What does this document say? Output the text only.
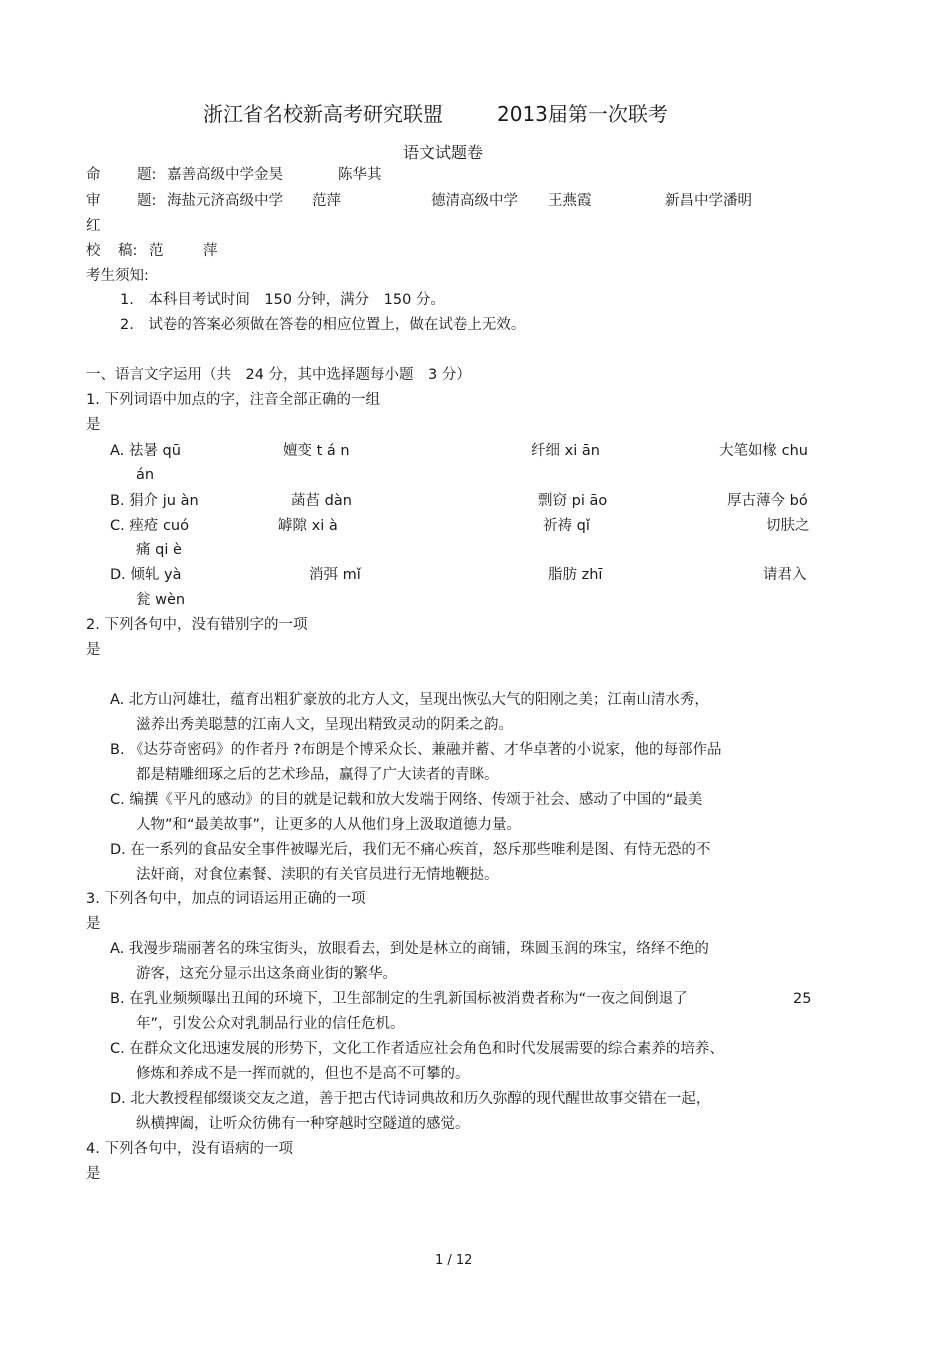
浙江省名校新高考研究联盟	2013届第一次联考
语文试题卷
命	题: 嘉善高级中学金昊	陈华其
审	题: 海盐元济高级中学 范萍	德清高级中学 王燕霞	新昌中学潘明
红
校 稿: 范	萍
考生须知:
1.　本科目考试时间　150 分钟，满分　150 分。
2.　试卷的答案必须做在答卷的相应位置上，做在试卷上无效。
一、语言文字运用（共　24 分，其中选择题每小题　3 分）
1. 下列词语中加点的字，注音全部正确的一组
是
A. 祛暑 qū	嬗变 t á n	纤细 xi ān	大笔如椽 chu
án
B. 狷介 ju àn	菡萏 dàn	剽窃 pi āo	厚古薄今 bó
C. 痤疮 cuó	罅隙 xi à	祈祷 qǐ	切肤之
痛 qi è
D. 倾轧 yà	消弭 mǐ	脂肪 zhī	请君入
瓮 wèn
2. 下列各句中，没有错别字的一项
是
A. 北方山河雄壮，蕴育出粗犷豪放的北方人文，呈现出恢弘大气的阳刚之美；江南山清水秀，
滋养出秀美聪慧的江南人文，呈现出精致灵动的阴柔之韵。
B. 《达芬奇密码》的作者丹 ?布朗是个博采众长、兼融并蓄、才华卓著的小说家，他的每部作品
都是精雕细琢之后的艺术珍品，赢得了广大读者的青眯。
C. 编撰《平凡的感动》的目的就是记载和放大发端于网络、传颂于社会、感动了中国的“最美
人物”和“最美故事”，让更多的人从他们身上汲取道德力量。
D. 在一系列的食品安全事件被曝光后，我们无不痛心疾首，怒斥那些唯利是图、有恃无恐的不
法奸商，对食位素餐、渎职的有关官员进行无情地鞭挞。
3. 下列各句中，加点的词语运用正确的一项
是
A. 我漫步瑞丽著名的珠宝街头，放眼看去，到处是林立的商铺，珠圆玉润的珠宝，络绎不绝的
游客，这充分显示出这条商业街的繁华。
B. 在乳业频频曝出丑闻的环境下，卫生部制定的生乳新国标被消费者称为“一夜之间倒退了	25
年”，引发公众对乳制品行业的信任危机。
C. 在群众文化迅速发展的形势下，文化工作者适应社会角色和时代发展需要的综合素养的培养、
修炼和养成不是一挥而就的，但也不是高不可攀的。
D. 北大教授程郁缀谈交友之道，善于把古代诗词典故和历久弥醇的现代醒世故事交错在一起，
纵横捭阖，让听众彷佛有一种穿越时空隧道的感觉。
4. 下列各句中，没有语病的一项
是
1 / 12
